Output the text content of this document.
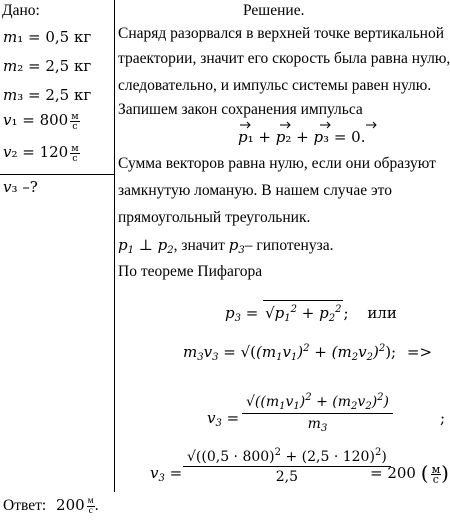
Дано:
𝑚₁ = 0,5 кг
𝑚₂ = 2,5 кг
𝑚₃ = 2,5 кг
𝑣₁ = $800 \frac{м}{с}$
𝑣₂ = $120 \frac{м}{с}$
𝑣₃ –?
Решение.
Снаряд разорвался в верхней точке вертикальной
траектории, значит его скорость была равна нулю,
следовательно, и импульс системы равен нулю.
Запишем закон сохранения импульса
𝑝₁ + 𝑝₂ + 𝑝₃ = 0.
Сумма векторов равна нулю, если они образуют
замкнутую ломаную. В нашем случае это
прямоугольный треугольник.
$p_1$ ⊥ $p_2$, значит $p_3-$ гипотенуза.
По теореме Пифагора
$p_3 = √p_1^2 + p_2^2$ ; или
$m_3v_3 = √((m_1v_1)^2 + (m_2v_2)^2)$; =>
$v_3 = \frac{√((m_1v_1)^2 + (m_2v_2)^2)}{m_3}$	;
$v_3 = \frac{√((0,5 \cdot 800)^2 + (2,5 \cdot 120)^2)}{2,5}$
= 200 ( $\frac{м}{с}$ )
Ответ: $200 \frac{м}{с}$ .
